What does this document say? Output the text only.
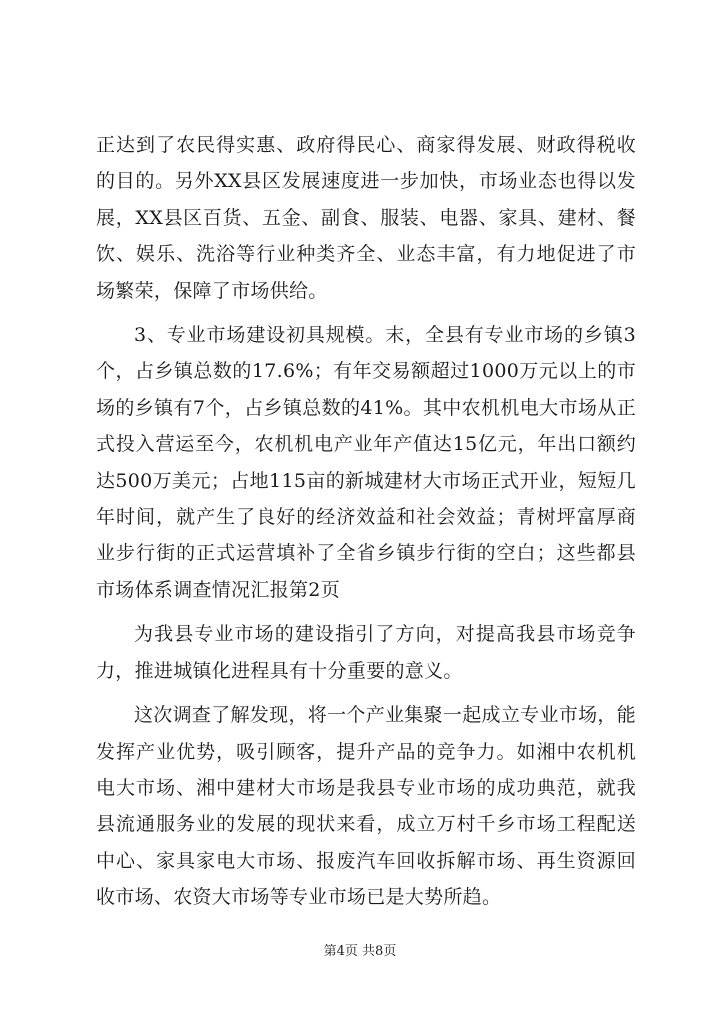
正达到了农民得实惠、政府得民心、商家得发展、财政得税收的目的。另外XX县区发展速度进一步加快，市场业态也得以发展，XX县区百货、五金、副食、服装、电器、家具、建材、餐饮、娱乐、洗浴等行业种类齐全、业态丰富，有力地促进了市场繁荣，保障了市场供给。

3、专业市场建设初具规模。末，全县有专业市场的乡镇3个，占乡镇总数的17.6%；有年交易额超过1000万元以上的市场的乡镇有7个，占乡镇总数的41%。其中农机机电大市场从正式投入营运至今，农机机电产业年产值达15亿元，年出口额约达500万美元；占地115亩的新城建材大市场正式开业，短短几年时间，就产生了良好的经济效益和社会效益；青树坪富厚商业步行街的正式运营填补了全省乡镇步行街的空白；这些都县市场体系调查情况汇报第2页

为我县专业市场的建设指引了方向，对提高我县市场竞争力，推进城镇化进程具有十分重要的意义。

这次调查了解发现，将一个产业集聚一起成立专业市场，能发挥产业优势，吸引顾客，提升产品的竞争力。如湘中农机机电大市场、湘中建材大市场是我县专业市场的成功典范，就我县流通服务业的发展的现状来看，成立万村千乡市场工程配送中心、家具家电大市场、报废汽车回收拆解市场、再生资源回收市场、农资大市场等专业市场已是大势所趋。

第4页 共8页
